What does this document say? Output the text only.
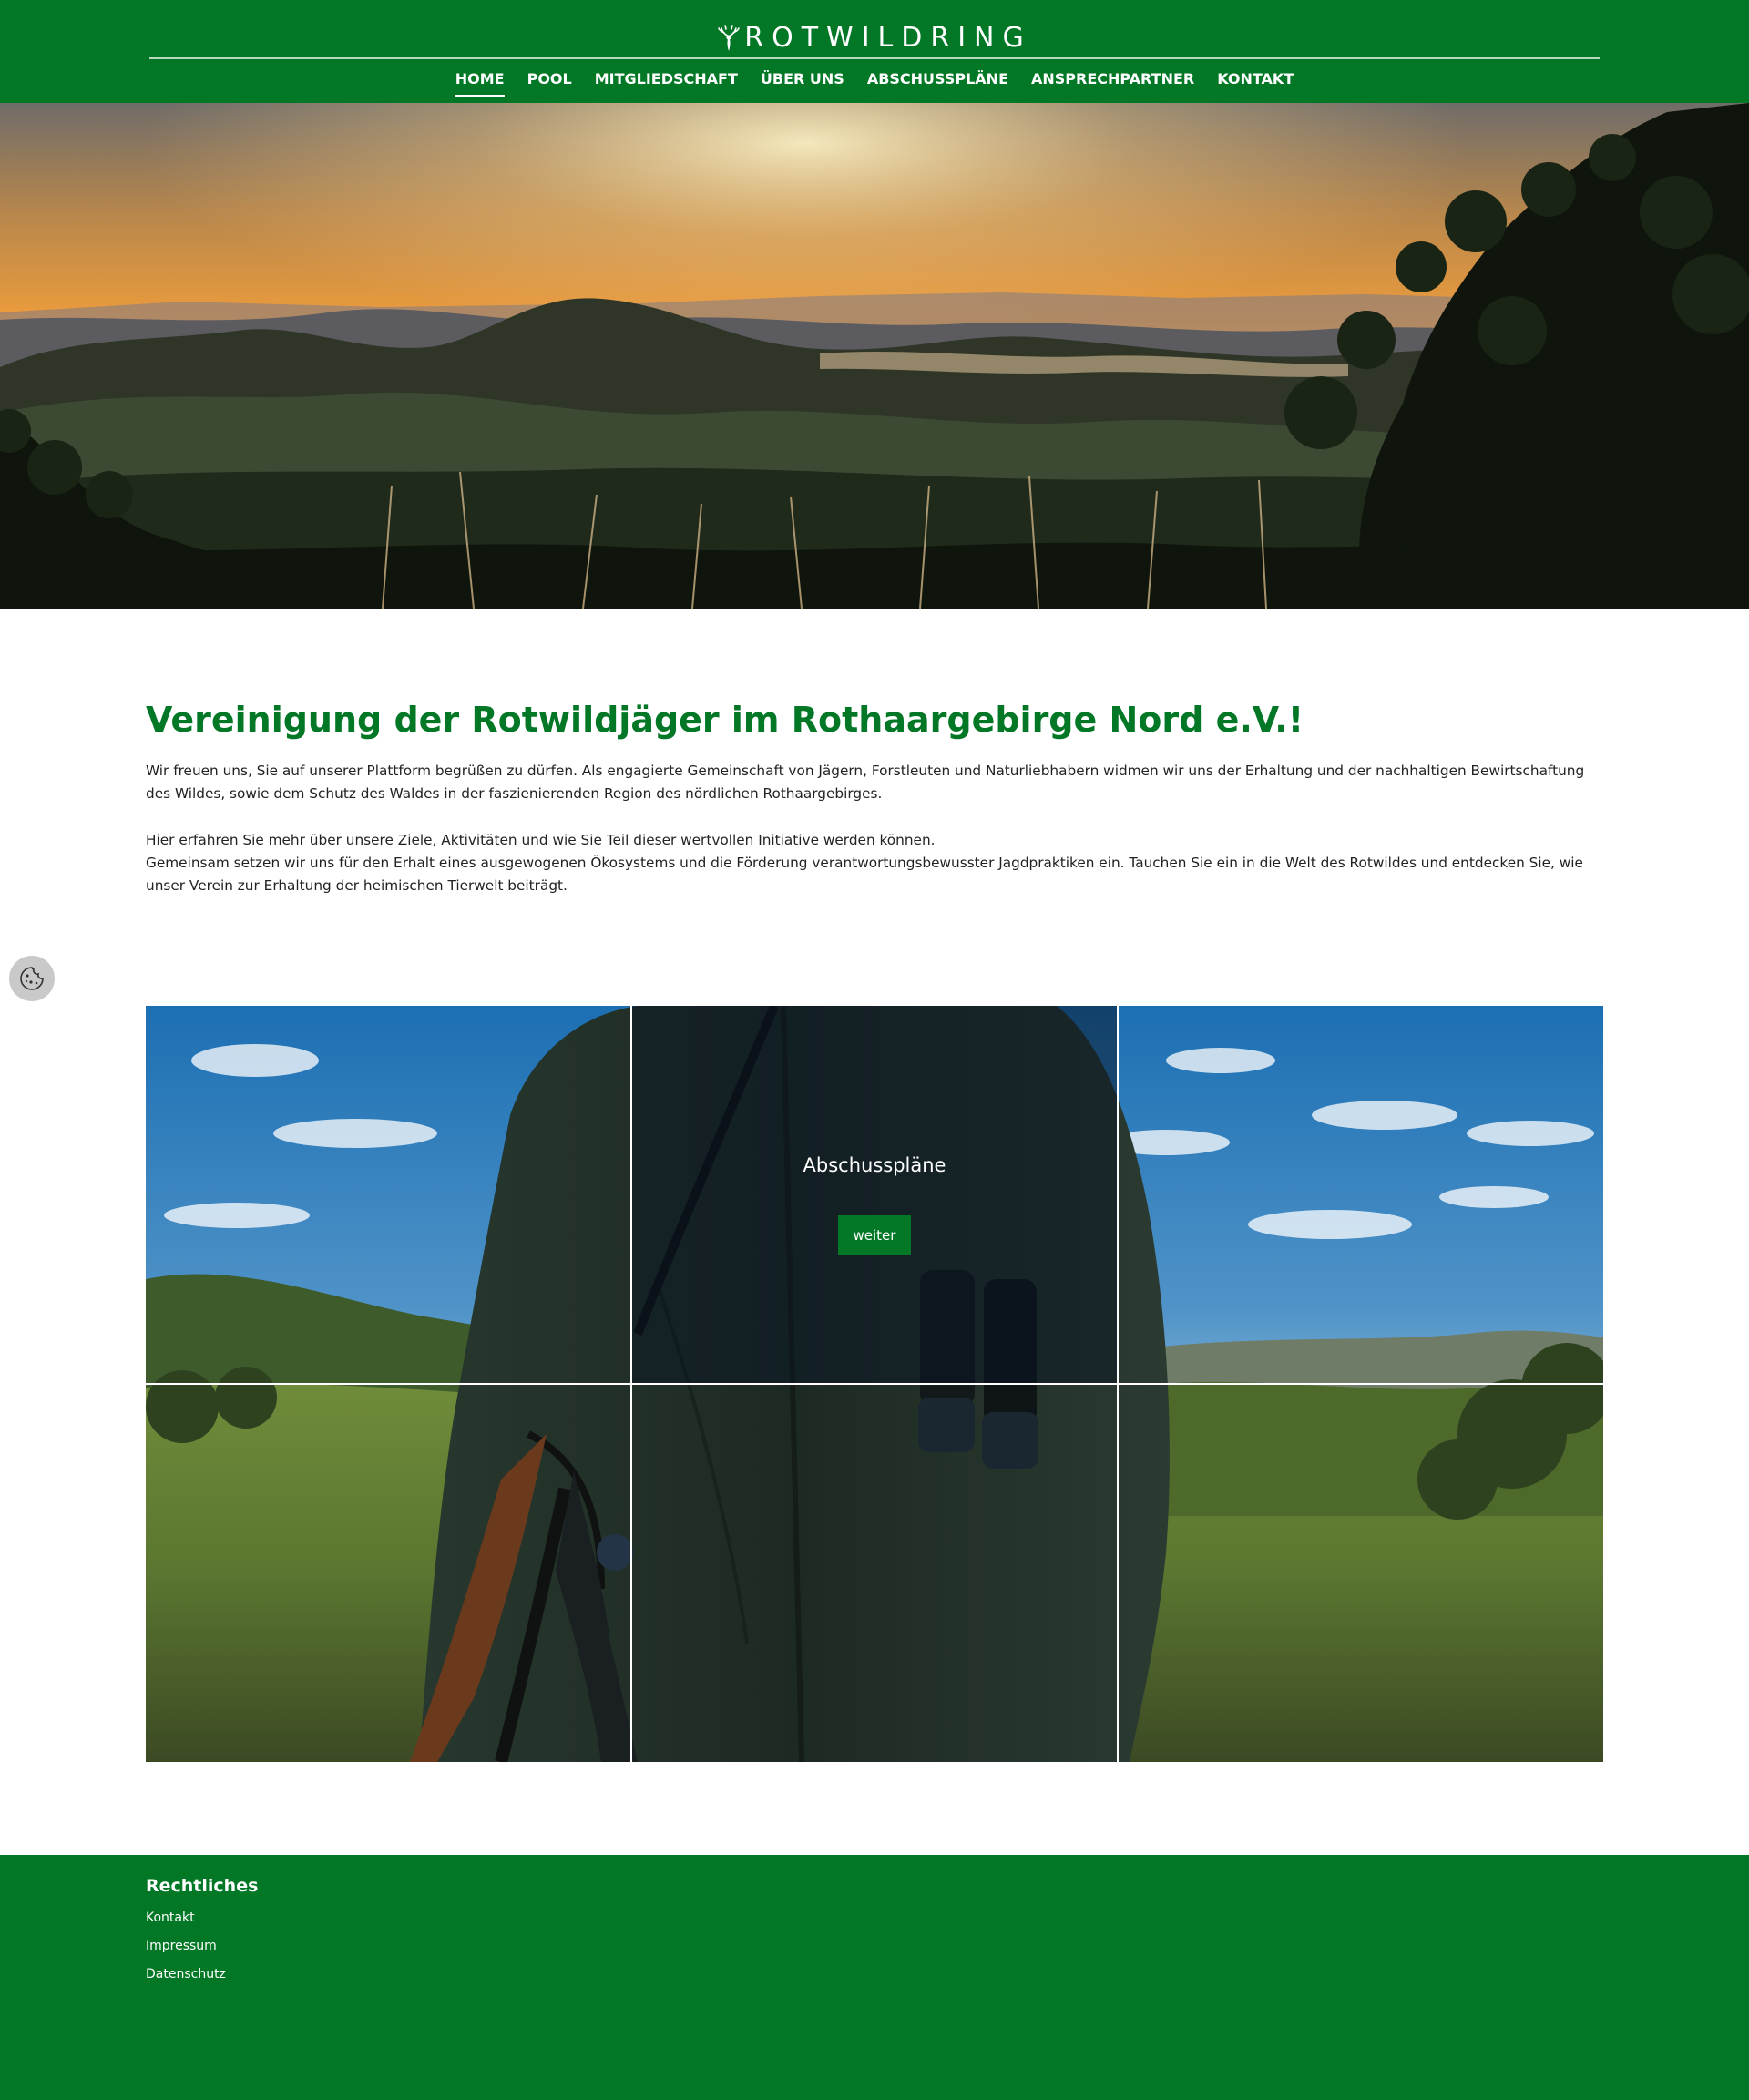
ROTWILDRING
HOME POOL MITGLIEDSCHAFT ÜBER UNS ABSCHUSSPLÄNE ANSPRECHPARTNER KONTAKT
Vereinigung der Rotwildjäger im Rothaargebirge Nord e.V.!

Wir freuen uns, Sie auf unserer Plattform begrüßen zu dürfen. Als engagierte Gemeinschaft von Jägern, Forstleuten und Naturliebhabern widmen wir uns der Erhaltung und der nachhaltigen Bewirtschaftung des Wildes, sowie dem Schutz des Waldes in der faszienierenden Region des nördlichen Rothaargebirges.

Hier erfahren Sie mehr über unsere Ziele, Aktivitäten und wie Sie Teil dieser wertvollen Initiative werden können.
Gemeinsam setzen wir uns für den Erhalt eines ausgewogenen Ökosystems und die Förderung verantwortungsbewusster Jagdpraktiken ein. Tauchen Sie ein in die Welt des Rotwildes und entdecken Sie, wie unser Verein zur Erhaltung der heimischen Tierwelt beiträgt.

Abschusspläne
weiter
Rechtliches
Kontakt
Impressum
Datenschutz
